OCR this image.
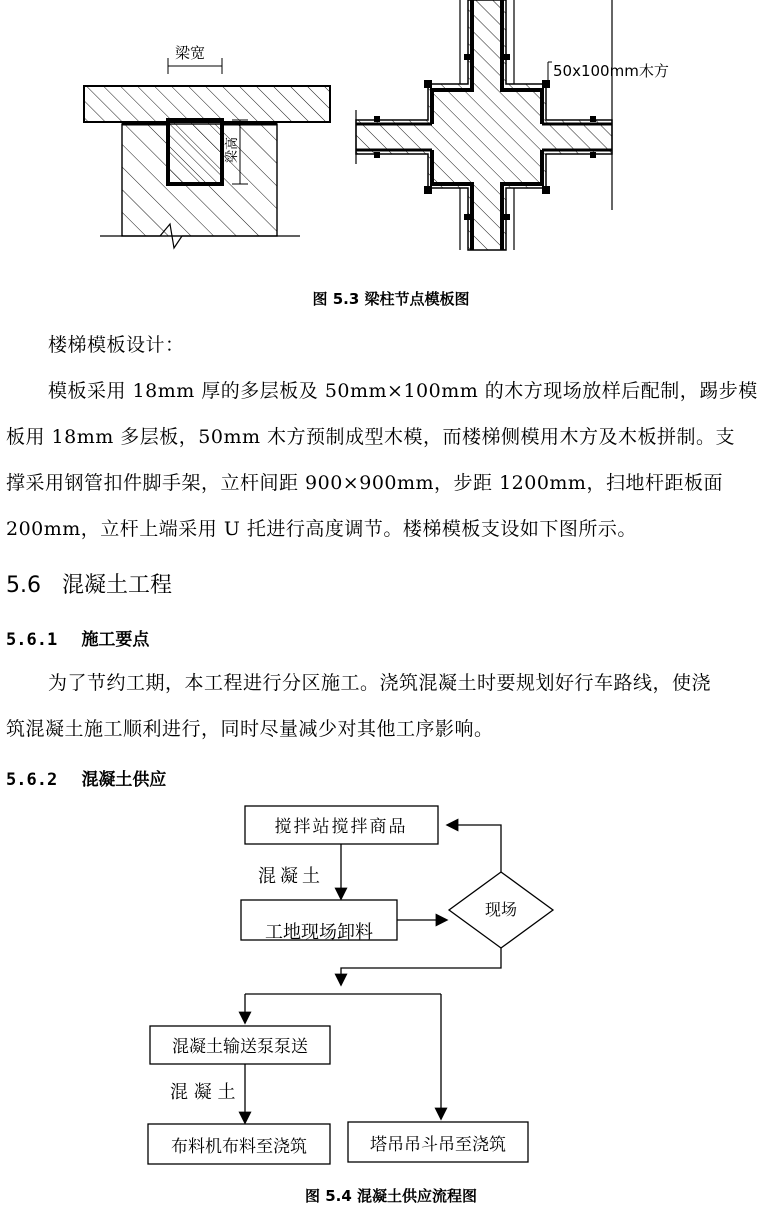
梁宽
梁高
50x100mm木方
图 5.3 梁柱节点模板图
楼梯模板设计：
模板采用 18mm 厚的多层板及 50mm×100mm 的木方现场放样后配制，踢步模
板用 18mm 多层板，50mm 木方预制成型木模，而楼梯侧模用木方及木板拼制。支
撑采用钢管扣件脚手架，立杆间距 900×900mm，步距 1200mm，扫地杆距板面
200mm，立杆上端采用 U 托进行高度调节。楼梯模板支设如下图所示。
5.6 混凝土工程
5.6.1 施工要点
为了节约工期，本工程进行分区施工。浇筑混凝土时要规划好行车路线，使浇
筑混凝土施工顺利进行，同时尽量减少对其他工序影响。
5.6.2 混凝土供应
搅拌站搅拌商品
混凝土
工地现场卸料
现场
混凝土输送泵泵送
混 凝 土
布料机布料至浇筑	塔吊吊斗吊至浇筑
图 5.4 混凝土供应流程图
